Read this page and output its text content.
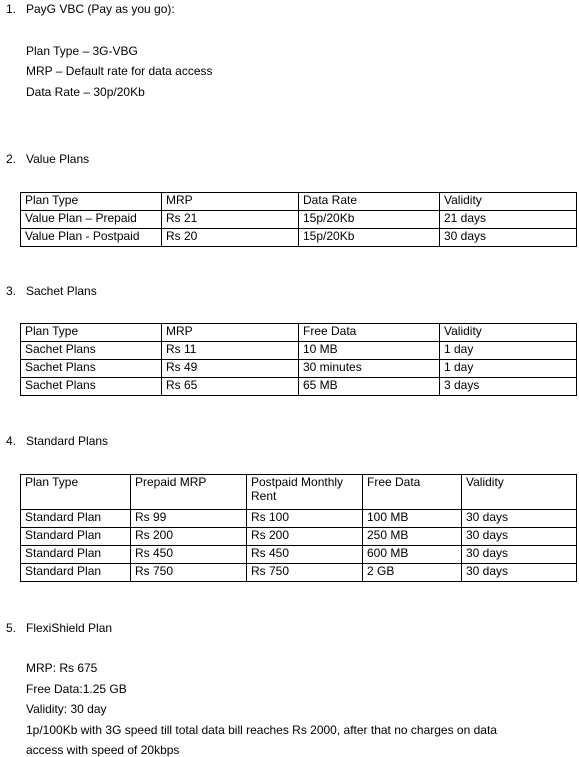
1. PayG VBC (Pay as you go):
Plan Type – 3G-VBG
MRP – Default rate for data access
Data Rate – 30p/20Kb
2. Value Plans
Plan Type	MRP	Data Rate	Validity
Value Plan – Prepaid	Rs 21	15p/20Kb	21 days
Value Plan - Postpaid	Rs 20	15p/20Kb	30 days
3. Sachet Plans
Plan Type	MRP	Free Data	Validity
Sachet Plans	Rs 11	10 MB	1 day
Sachet Plans	Rs 49	30 minutes	1 day
Sachet Plans	Rs 65	65 MB	3 days
4. Standard Plans
Plan Type	Prepaid MRP	Postpaid Monthly Rent	Free Data	Validity
Standard Plan	Rs 99	Rs 100	100 MB	30 days
Standard Plan	Rs 200	Rs 200	250 MB	30 days
Standard Plan	Rs 450	Rs 450	600 MB	30 days
Standard Plan	Rs 750	Rs 750	2 GB	30 days
5. FlexiShield Plan
MRP: Rs 675
Free Data:1.25 GB
Validity: 30 day
1p/100Kb with 3G speed till total data bill reaches Rs 2000, after that no charges on data
access with speed of 20kbps
